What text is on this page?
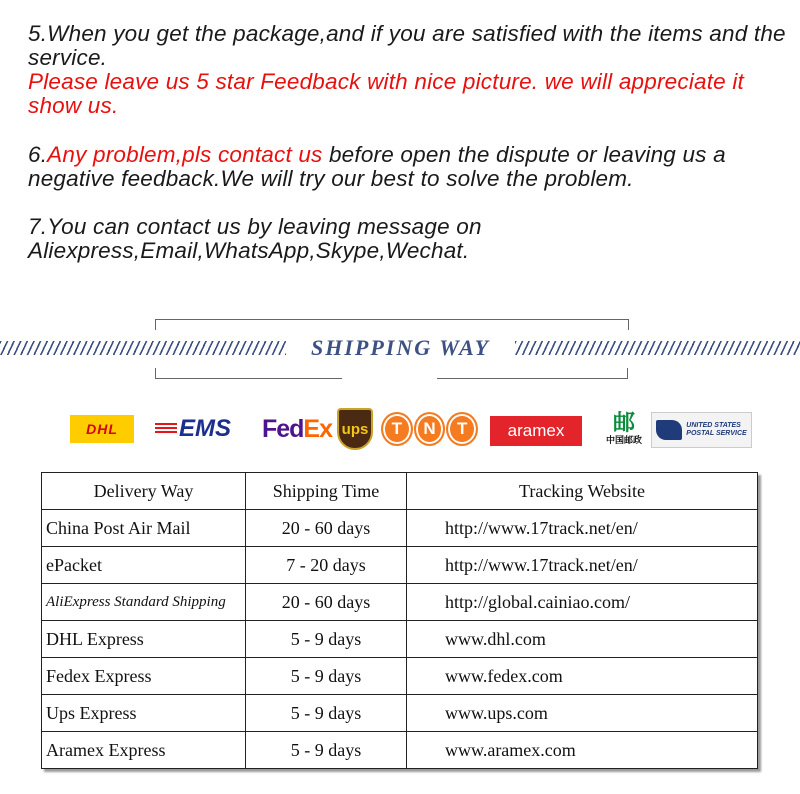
5.When you get the package,and if you are satisfied with the items and the service.
Please leave us 5 star Feedback with nice picture. we will appreciate it show us.
6.Any problem,pls contact us before open the dispute or leaving us a negative feedback.We will try our best to solve the problem.
7.You can contact us by leaving message on Aliexpress,Email,WhatsApp,Skype,Wechat.
SHIPPING WAY
DHL	EMS Fed Ex ups	T	N	T	aramex 邮
中国邮政
UNITED STATES
POSTAL SERVICE
Delivery Way	Shipping Time	Tracking Website
China Post Air Mail	20 - 60 days	http://www.17track.net/en/
ePacket	7 - 20 days	http://www.17track.net/en/
AliExpress Standard Shipping	20 - 60 days	http://global.cainiao.com/
DHL Express	5 - 9 days	www.dhl.com
Fedex Express	5 - 9 days	www.fedex.com
Ups Express	5 - 9 days	www.ups.com
Aramex Express	5 - 9 days	www.aramex.com
